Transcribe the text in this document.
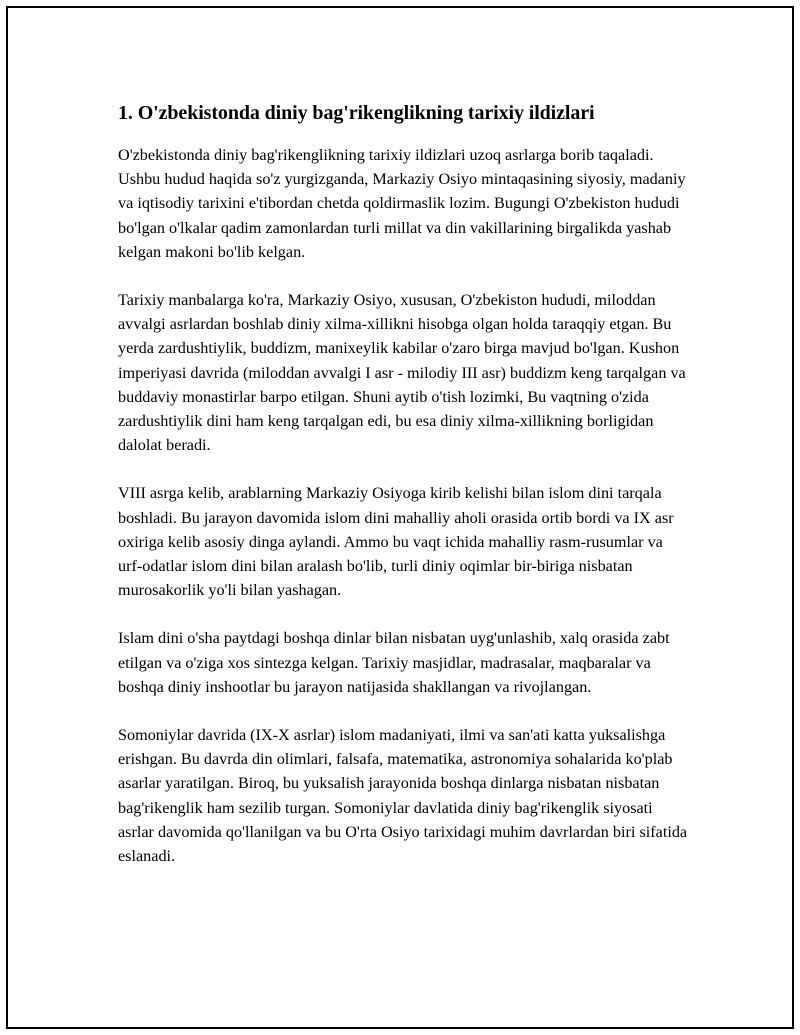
1. O'zbekistonda diniy bag'rikenglikning tarixiy ildizlari

O'zbekistonda diniy bag'rikenglikning tarixiy ildizlari uzoq asrlarga borib taqaladi. Ushbu hudud haqida so'z yurgizganda, Markaziy Osiyo mintaqasining siyosiy, madaniy va iqtisodiy tarixini e'tibordan chetda qoldirmaslik lozim. Bugungi O'zbekiston hududi bo'lgan o'lkalar qadim zamonlardan turli millat va din vakillarining birgalikda yashab kelgan makoni bo'lib kelgan.

Tarixiy manbalarga ko'ra, Markaziy Osiyo, xususan, O'zbekiston hududi, miloddan avvalgi asrlardan boshlab diniy xilma-xillikni hisobga olgan holda taraqqiy etgan. Bu yerda zardushtiylik, buddizm, manixeylik kabilar o'zaro birga mavjud bo'lgan. Kushon imperiyasi davrida (miloddan avvalgi I asr - milodiy III asr) buddizm keng tarqalgan va buddaviy monastirlar barpo etilgan. Shuni aytib o'tish lozimki, Bu vaqtning o'zida zardushtiylik dini ham keng tarqalgan edi, bu esa diniy xilma-xillikning borligidan dalolat beradi.

VIII asrga kelib, arablarning Markaziy Osiyoga kirib kelishi bilan islom dini tarqala boshladi. Bu jarayon davomida islom dini mahalliy aholi orasida ortib bordi va IX asr oxiriga kelib asosiy dinga aylandi. Ammo bu vaqt ichida mahalliy rasm-rusumlar va urf-odatlar islom dini bilan aralash bo'lib, turli diniy oqimlar bir-biriga nisbatan murosakorlik yo'li bilan yashagan.

Islam dini o'sha paytdagi boshqa dinlar bilan nisbatan uyg'unlashib, xalq orasida zabt etilgan va o'ziga xos sintezga kelgan. Tarixiy masjidlar, madrasalar, maqbaralar va boshqa diniy inshootlar bu jarayon natijasida shakllangan va rivojlangan.

Somoniylar davrida (IX-X asrlar) islom madaniyati, ilmi va san'ati katta yuksalishga erishgan. Bu davrda din olimlari, falsafa, matematika, astronomiya sohalarida ko'plab asarlar yaratilgan. Biroq, bu yuksalish jarayonida boshqa dinlarga nisbatan nisbatan bag'rikenglik ham sezilib turgan. Somoniylar davlatida diniy bag'rikenglik siyosati asrlar davomida qo'llanilgan va bu O'rta Osiyo tarixidagi muhim davrlardan biri sifatida eslanadi.
